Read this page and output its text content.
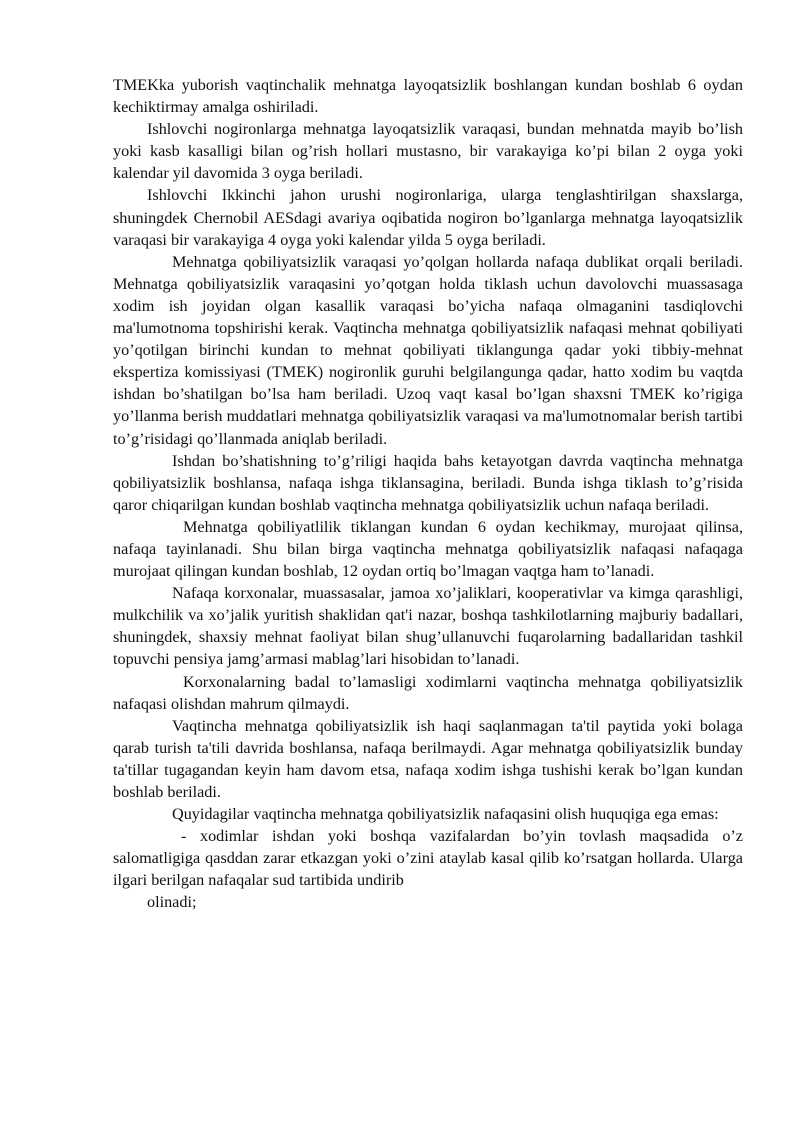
TMEKka yuborish vaqtinchalik mehnatga layoqatsizlik boshlangan kundan boshlab 6 oydan kechiktirmay amalga oshiriladi.

Ishlovchi nogironlarga mehnatga layoqatsizlik varaqasi, bundan mehnatda mayib bo’lish yoki kasb kasalligi bilan og’rish hollari mustasno, bir varakayiga ko’pi bilan 2 oyga yoki kalendar yil davomida 3 oyga beriladi.

Ishlovchi Ikkinchi jahon urushi nogironlariga, ularga tenglashtirilgan shaxslarga, shuningdek Chernobil AESdagi avariya oqibatida nogiron bo’lganlarga mehnatga layoqatsizlik varaqasi bir varakayiga 4 oyga yoki kalendar yilda 5 oyga beriladi.

Mehnatga qobiliyatsizlik varaqasi yo’qolgan hollarda nafaqa dublikat orqali beriladi. Mehnatga qobiliyatsizlik varaqasini yo’qotgan holda tiklash uchun davolovchi muassasaga xodim ish joyidan olgan kasallik varaqasi bo’yicha nafaqa olmaganini tasdiqlovchi ma'lumotnoma topshirishi kerak. Vaqtincha mehnatga qobiliyatsizlik nafaqasi mehnat qobiliyati yo’qotilgan birinchi kundan to mehnat qobiliyati tiklangunga qadar yoki tibbiy-mehnat ekspertiza komissiyasi (TMEK) nogironlik guruhi belgilangunga qadar, hatto xodim bu vaqtda ishdan bo’shatilgan bo’lsa ham beriladi. Uzoq vaqt kasal bo’lgan shaxsni TMEK ko’rigiga yo’llanma berish muddatlari mehnatga qobiliyatsizlik varaqasi va ma'lumotnomalar berish tartibi to’g’risidagi qo’llanmada aniqlab beriladi.

Ishdan bo’shatishning to’g’riligi haqida bahs ketayotgan davrda vaqtincha mehnatga qobiliyatsizlik boshlansa, nafaqa ishga tiklansagina, beriladi. Bunda ishga tiklash to’g’risida qaror chiqarilgan kundan boshlab vaqtincha mehnatga qobiliyatsizlik uchun nafaqa beriladi.

Mehnatga qobiliyatlilik tiklangan kundan 6 oydan kechikmay, murojaat qilinsa, nafaqa tayinlanadi. Shu bilan birga vaqtincha mehnatga qobiliyatsizlik nafaqasi nafaqaga murojaat qilingan kundan boshlab, 12 oydan ortiq bo’lmagan vaqtga ham to’lanadi.

Nafaqa korxonalar, muassasalar, jamoa xo’jaliklari, kooperativlar va kimga qarashligi, mulkchilik va xo’jalik yuritish shaklidan qat'i nazar, boshqa tashkilotlarning majburiy badallari, shuningdek, shaxsiy mehnat faoliyat bilan shug’ullanuvchi fuqarolarning badallaridan tashkil topuvchi pensiya jamg’armasi mablag’lari hisobidan to’lanadi.

Korxonalarning badal to’lamasligi xodimlarni vaqtincha mehnatga qobiliyatsizlik nafaqasi olishdan mahrum qilmaydi.

Vaqtincha mehnatga qobiliyatsizlik ish haqi saqlanmagan ta'til paytida yoki bolaga qarab turish ta'tili davrida boshlansa, nafaqa berilmaydi. Agar mehnatga qobiliyatsizlik bunday ta'tillar tugagandan keyin ham davom etsa, nafaqa xodim ishga tushishi kerak bo’lgan kundan boshlab beriladi.

Quyidagilar vaqtincha mehnatga qobiliyatsizlik nafaqasini olish huquqiga ega emas:

- xodimlar ishdan yoki boshqa vazifalardan bo’yin tovlash maqsadida o’z salomatligiga qasddan zarar etkazgan yoki o’zini ataylab kasal qilib ko’rsatgan hollarda. Ularga ilgari berilgan nafaqalar sud tartibida undirib

olinadi;
